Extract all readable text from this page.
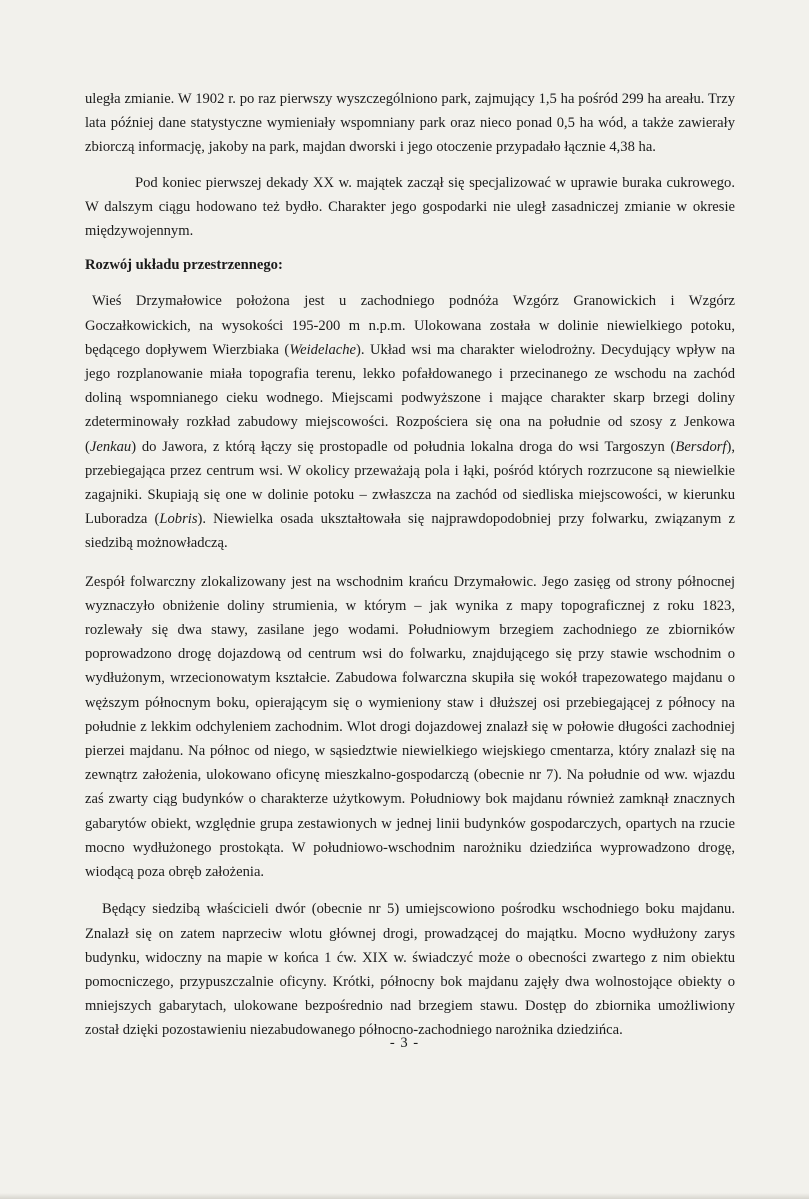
uległa zmianie. W 1902 r. po raz pierwszy wyszczególniono park, zajmujący 1,5 ha pośród 299 ha areału. Trzy lata później dane statystyczne wymieniały wspomniany park oraz nieco ponad 0,5 ha wód, a także zawierały zbiorczą informację, jakoby na park, majdan dworski i jego otoczenie przypadało łącznie 4,38 ha.

Pod koniec pierwszej dekady XX w. majątek zaczął się specjalizować w uprawie buraka cukrowego. W dalszym ciągu hodowano też bydło. Charakter jego gospodarki nie uległ zasadniczej zmianie w okresie międzywojennym.

Rozwój układu przestrzennego:

Wieś Drzymałowice położona jest u zachodniego podnóża Wzgórz Granowickich i Wzgórz Goczałkowickich, na wysokości 195-200 m n.p.m. Ulokowana została w dolinie niewielkiego potoku, będącego dopływem Wierzbiaka (Weidelache). Układ wsi ma charakter wielodrożny. Decydujący wpływ na jego rozplanowanie miała topografia terenu, lekko pofałdowanego i przecinanego ze wschodu na zachód doliną wspomnianego cieku wodnego. Miejscami podwyższone i mające charakter skarp brzegi doliny zdeterminowały rozkład zabudowy miejscowości. Rozpościera się ona na południe od szosy z Jenkowa (Jenkau) do Jawora, z którą łączy się prostopadle od południa lokalna droga do wsi Targoszyn (Bersdorf), przebiegająca przez centrum wsi. W okolicy przeważają pola i łąki, pośród których rozrzucone są niewielkie zagajniki. Skupiają się one w dolinie potoku – zwłaszcza na zachód od siedliska miejscowości, w kierunku Luboradza (Lobris). Niewielka osada ukształtowała się najprawdopodobniej przy folwarku, związanym z siedzibą możnowładczą.

Zespół folwarczny zlokalizowany jest na wschodnim krańcu Drzymałowic. Jego zasięg od strony północnej wyznaczyło obniżenie doliny strumienia, w którym – jak wynika z mapy topograficznej z roku 1823, rozlewały się dwa stawy, zasilane jego wodami. Południowym brzegiem zachodniego ze zbiorników poprowadzono drogę dojazdową od centrum wsi do folwarku, znajdującego się przy stawie wschodnim o wydłużonym, wrzecionowatym kształcie. Zabudowa folwarczna skupiła się wokół trapezowatego majdanu o węższym północnym boku, opierającym się o wymieniony staw i dłuższej osi przebiegającej z północy na południe z lekkim odchyleniem zachodnim. Wlot drogi dojazdowej znalazł się w połowie długości zachodniej pierzei majdanu. Na północ od niego, w sąsiedztwie niewielkiego wiejskiego cmentarza, który znalazł się na zewnątrz założenia, ulokowano oficynę mieszkalno-gospodarczą (obecnie nr 7). Na południe od ww. wjazdu zaś zwarty ciąg budynków o charakterze użytkowym. Południowy bok majdanu również zamknął znacznych gabarytów obiekt, względnie grupa zestawionych w jednej linii budynków gospodarczych, opartych na rzucie mocno wydłużonego prostokąta. W południowo-wschodnim narożniku dziedzińca wyprowadzono drogę, wiodącą poza obręb założenia.

Będący siedzibą właścicieli dwór (obecnie nr 5) umiejscowiono pośrodku wschodniego boku majdanu. Znalazł się on zatem naprzeciw wlotu głównej drogi, prowadzącej do majątku. Mocno wydłużony zarys budynku, widoczny na mapie w końca 1 ćw. XIX w. świadczyć może o obecności zwartego z nim obiektu pomocniczego, przypuszczalnie oficyny. Krótki, północny bok majdanu zajęły dwa wolnostojące obiekty o mniejszych gabarytach, ulokowane bezpośrednio nad brzegiem stawu. Dostęp do zbiornika umożliwiony został dzięki pozostawieniu niezabudowanego północno-zachodniego narożnika dziedzińca.

- 3 -
